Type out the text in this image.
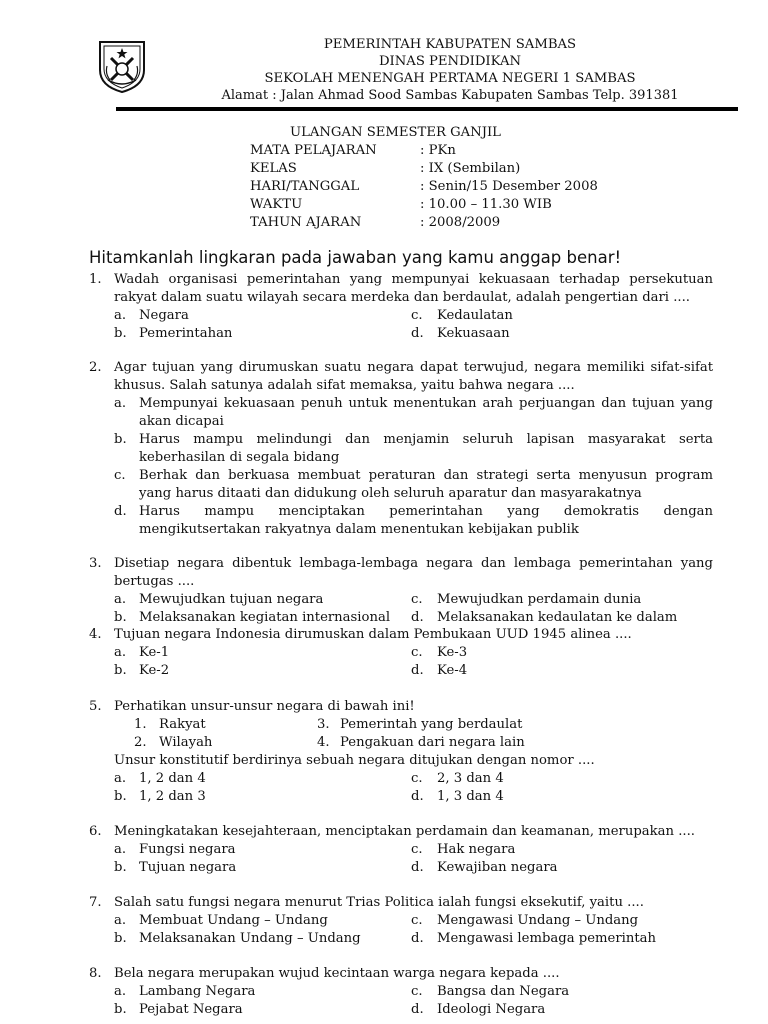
PEMERINTAH KABUPATEN SAMBAS
DINAS PENDIDIKAN
SEKOLAH MENENGAH PERTAMA NEGERI 1 SAMBAS
Alamat : Jalan Ahmad Sood Sambas Kabupaten Sambas Telp. 391381
ULANGAN SEMESTER GANJIL
MATA PELAJARAN	: PKn
KELAS	: IX (Sembilan)
HARI/TANGGAL	: Senin/15 Desember 2008
WAKTU	: 10.00 – 11.30 WIB
TAHUN AJARAN	: 2008/2009
Hitamkanlah lingkaran pada jawaban yang kamu anggap benar!
1. Wadah organisasi pemerintahan yang mempunyai kekuasaan terhadap persekutuan rakyat dalam suatu wilayah secara merdeka dan berdaulat, adalah pengertian dari ....
a. Negara	c. Kedaulatan
b. Pemerintahan	d. Kekuasaan
2. Agar tujuan yang dirumuskan suatu negara dapat terwujud, negara memiliki sifat-sifat khusus. Salah satunya adalah sifat memaksa, yaitu bahwa negara ....
a. Mempunyai kekuasaan penuh untuk menentukan arah perjuangan dan tujuan yang akan dicapai
b. Harus mampu melindungi dan menjamin seluruh lapisan masyarakat serta keberhasilan di segala bidang
c.	Berhak dan berkuasa membuat peraturan dan strategi serta menyusun program yang harus ditaati dan didukung oleh seluruh aparatur dan masyarakatnya
d. Harus mampu menciptakan pemerintahan yang demokratis dengan mengikutsertakan rakyatnya dalam menentukan kebijakan publik
3. Disetiap negara dibentuk lembaga-lembaga negara dan lembaga pemerintahan yang bertugas ....
a. Mewujudkan tujuan negara	c. Mewujudkan perdamain dunia
b. Melaksanakan kegiatan internasional d. Melaksanakan kedaulatan ke dalam
4. Tujuan negara Indonesia dirumuskan dalam Pembukaan UUD 1945 alinea ....
a. Ke-1	c. Ke-3
b. Ke-2	d. Ke-4
5. Perhatikan unsur-unsur negara di bawah ini!
1. Rakyat	3. Pemerintah yang berdaulat
2. Wilayah	4. Pengakuan dari negara lain
Unsur konstitutif berdirinya sebuah negara ditujukan dengan nomor ....
a. 1, 2 dan 4	c. 2, 3 dan 4
b. 1, 2 dan 3	d. 1, 3 dan 4
6. Meningkatakan kesejahteraan, menciptakan perdamain dan keamanan, merupakan ....
a. Fungsi negara	c. Hak negara
b. Tujuan negara	d. Kewajiban negara
7. Salah satu fungsi negara menurut Trias Politica ialah fungsi eksekutif, yaitu ....
a. Membuat Undang – Undang	c. Mengawasi Undang – Undang
b. Melaksanakan Undang – Undang	d. Mengawasi lembaga pemerintah
8. Bela negara merupakan wujud kecintaan warga negara kepada ....
a. Lambang Negara	c. Bangsa dan Negara
b. Pejabat Negara	d. Ideologi Negara
